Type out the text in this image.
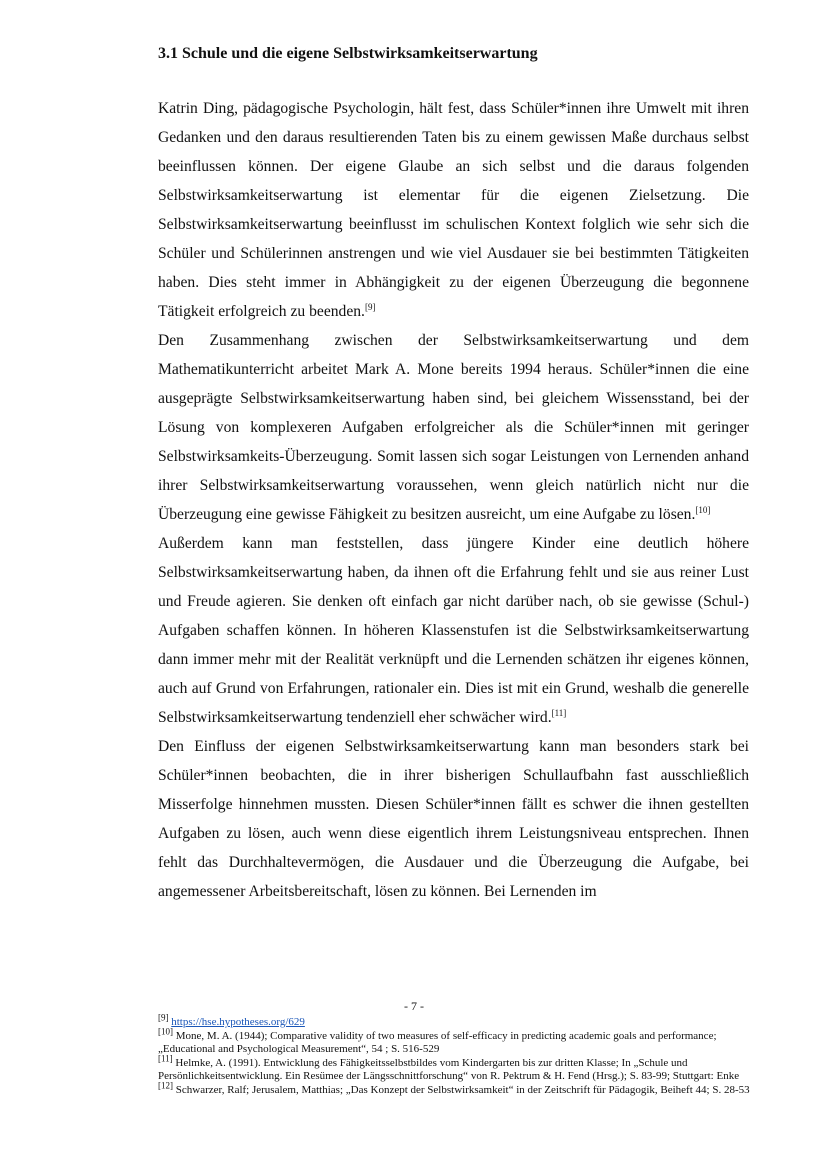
3.1 Schule und die eigene Selbstwirksamkeitserwartung

Katrin Ding, pädagogische Psychologin, hält fest, dass Schüler*innen ihre Umwelt mit ihren Gedanken und den daraus resultierenden Taten bis zu einem gewissen Maße durchaus selbst beeinflussen können. Der eigene Glaube an sich selbst und die daraus folgenden Selbstwirksamkeitserwartung ist elementar für die eigenen Zielsetzung. Die Selbstwirksamkeitserwartung beeinflusst im schulischen Kontext folglich wie sehr sich die Schüler und Schülerinnen anstrengen und wie viel Ausdauer sie bei bestimmten Tätigkeiten haben. Dies steht immer in Abhängigkeit zu der eigenen Überzeugung die begonnene Tätigkeit erfolgreich zu beenden.[9]

Den Zusammenhang zwischen der Selbstwirksamkeitserwartung und dem Mathematikunterricht arbeitet Mark A. Mone bereits 1994 heraus. Schüler*innen die eine ausgeprägte Selbstwirksamkeitserwartung haben sind, bei gleichem Wissensstand, bei der Lösung von komplexeren Aufgaben erfolgreicher als die Schüler*innen mit geringer Selbstwirksamkeits-Überzeugung. Somit lassen sich sogar Leistungen von Lernenden anhand ihrer Selbstwirksamkeitserwartung voraussehen, wenn gleich natürlich nicht nur die Überzeugung eine gewisse Fähigkeit zu besitzen ausreicht, um eine Aufgabe zu lösen.[10]

Außerdem kann man feststellen, dass jüngere Kinder eine deutlich höhere Selbstwirksamkeitserwartung haben, da ihnen oft die Erfahrung fehlt und sie aus reiner Lust und Freude agieren. Sie denken oft einfach gar nicht darüber nach, ob sie gewisse (Schul-) Aufgaben schaffen können. In höheren Klassenstufen ist die Selbstwirksamkeitserwartung dann immer mehr mit der Realität verknüpft und die Lernenden schätzen ihr eigenes können, auch auf Grund von Erfahrungen, rationaler ein. Dies ist mit ein Grund, weshalb die generelle Selbstwirksamkeitserwartung tendenziell eher schwächer wird.[11]

Den Einfluss der eigenen Selbstwirksamkeitserwartung kann man besonders stark bei Schüler*innen beobachten, die in ihrer bisherigen Schullaufbahn fast ausschließlich Misserfolge hinnehmen mussten. Diesen Schüler*innen fällt es schwer die ihnen gestellten Aufgaben zu lösen, auch wenn diese eigentlich ihrem Leistungsniveau entsprechen. Ihnen fehlt das Durchhaltevermögen, die Ausdauer und die Überzeugung die Aufgabe, bei angemessener Arbeitsbereitschaft, lösen zu können. Bei Lernenden im

- 7 -

[9] https://hse.hypotheses.org/629

[10] Mone, M. A. (1944); Comparative validity of two measures of self-efficacy in predicting academic goals and performance; „Educational and Psychological Measurement“, 54 ; S. 516-529

[11] Helmke, A. (1991). Entwicklung des Fähigkeitsselbstbildes vom Kindergarten bis zur dritten Klasse; In „Schule und Persönlichkeitsentwicklung. Ein Resümee der Längsschnittforschung“ von R. Pektrum & H. Fend (Hrsg.); S. 83-99; Stuttgart: Enke

[12] Schwarzer, Ralf; Jerusalem, Matthias; „Das Konzept der Selbstwirksamkeit“ in der Zeitschrift für Pädagogik, Beiheft 44; S. 28-53
